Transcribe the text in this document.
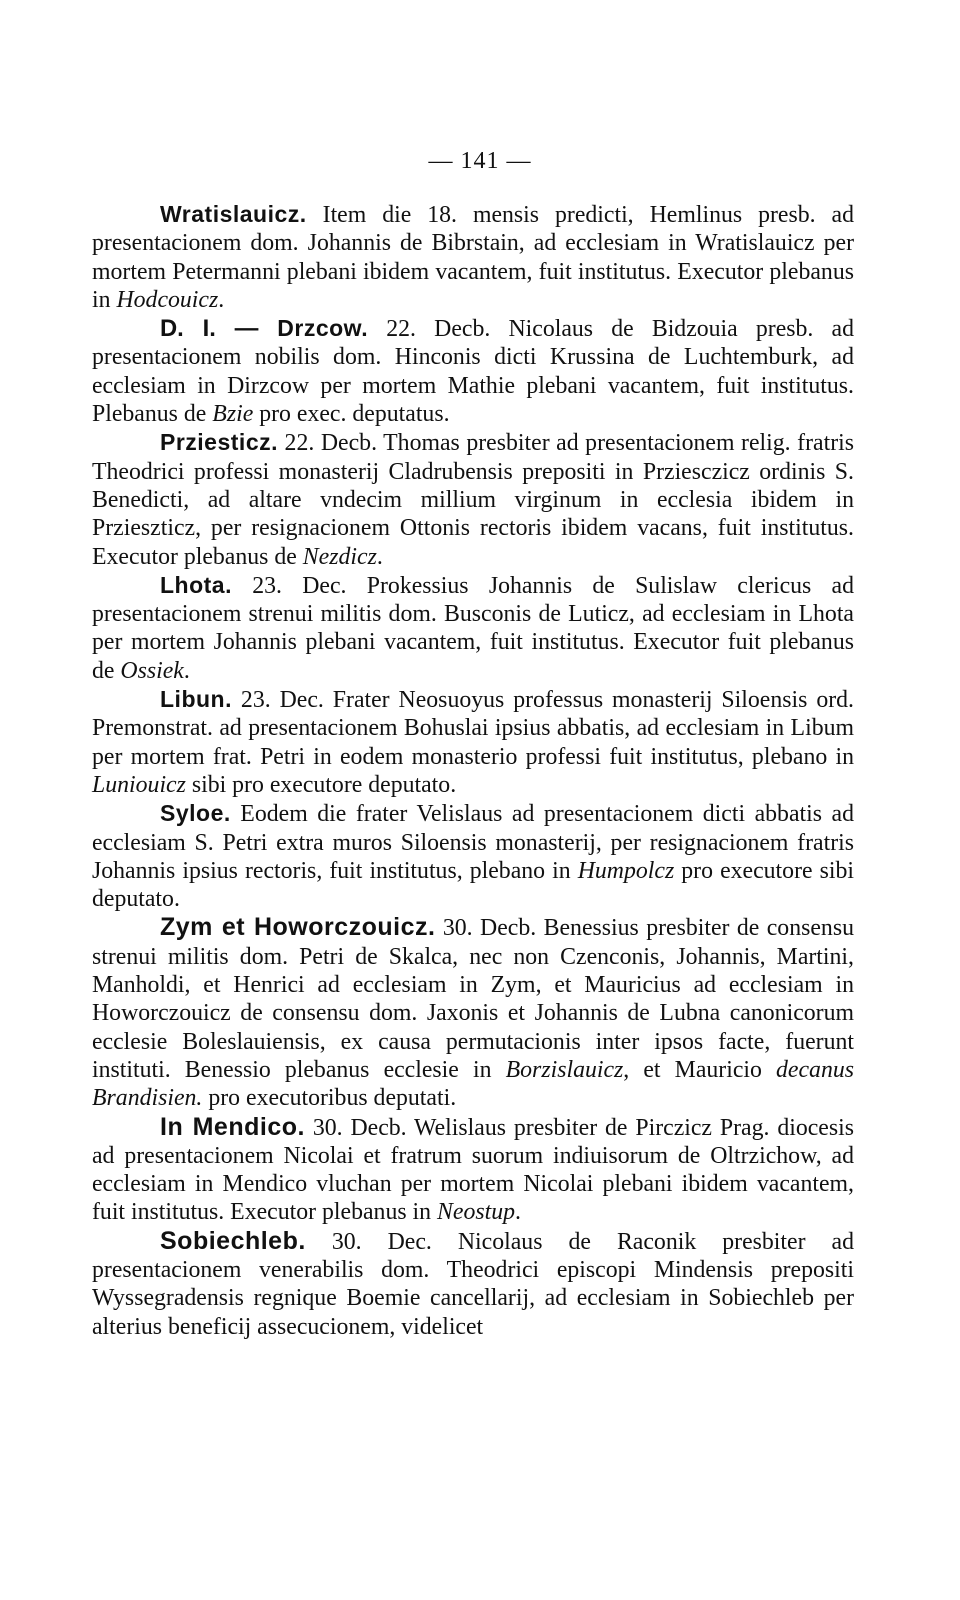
— 141 —

Wratislauicz. Item die 18. mensis predicti, Hemlinus presb. ad presentacionem dom. Johannis de Bibrstain, ad ecclesiam in Wratislauicz per mortem Petermanni plebani ibidem vacantem, fuit institutus. Executor plebanus in Hodcouicz.

D. I. — Drzcow. 22. Decb. Nicolaus de Bidzouia presb. ad presentacionem nobilis dom. Hinconis dicti Krussina de Luchtemburk, ad ecclesiam in Dirzcow per mortem Mathie plebani vacantem, fuit institutus. Plebanus de Bzie pro exec. deputatus.

Prziesticz. 22. Decb. Thomas presbiter ad presentacionem relig. fratris Theodrici professi monasterij Cladrubensis prepositi in Prziesczicz ordinis S. Benedicti, ad altare vndecim millium virginum in ecclesia ibidem in Przieszticz, per resignacionem Ottonis rectoris ibidem vacans, fuit institutus. Executor plebanus de Nezdicz.

Lhota. 23. Dec. Prokessius Johannis de Sulislaw clericus ad presentacionem strenui militis dom. Busconis de Luticz, ad ecclesiam in Lhota per mortem Johannis plebani vacantem, fuit institutus. Executor fuit plebanus de Ossiek.

Libun. 23. Dec. Frater Neosuoyus professus monasterij Siloensis ord. Premonstrat. ad presentacionem Bohuslai ipsius abbatis, ad ecclesiam in Libum per mortem frat. Petri in eodem monasterio professi fuit institutus, plebano in Luniouicz sibi pro executore deputato.

Syloe. Eodem die frater Velislaus ad presentacionem dicti abbatis ad ecclesiam S. Petri extra muros Siloensis monasterij, per resignacionem fratris Johannis ipsius rectoris, fuit institutus, plebano in Humpolcz pro executore sibi deputato.

Zym et Howorczouicz. 30. Decb. Benessius presbiter de consensu strenui militis dom. Petri de Skalca, nec non Czenconis, Johannis, Martini, Manholdi, et Henrici ad ecclesiam in Zym, et Mauricius ad ecclesiam in Howorczouicz de consensu dom. Jaxonis et Johannis de Lubna canonicorum ecclesie Boleslauiensis, ex causa permutacionis inter ipsos facte, fuerunt instituti. Benessio plebanus ecclesie in Borzislauicz, et Mauricio decanus Brandisien. pro executoribus deputati.

In Mendico. 30. Decb. Welislaus presbiter de Pirczicz Prag. diocesis ad presentacionem Nicolai et fratrum suorum indiuisorum de Oltrzichow, ad ecclesiam in Mendico vluchan per mortem Nicolai plebani ibidem vacantem, fuit institutus. Executor plebanus in Neostup.

Sobiechleb. 30. Dec. Nicolaus de Raconik presbiter ad presentacionem venerabilis dom. Theodrici episcopi Mindensis prepositi Wyssegradensis regnique Boemie cancellarij, ad ecclesiam in Sobiechleb per alterius beneficij assecucionem, videlicet
